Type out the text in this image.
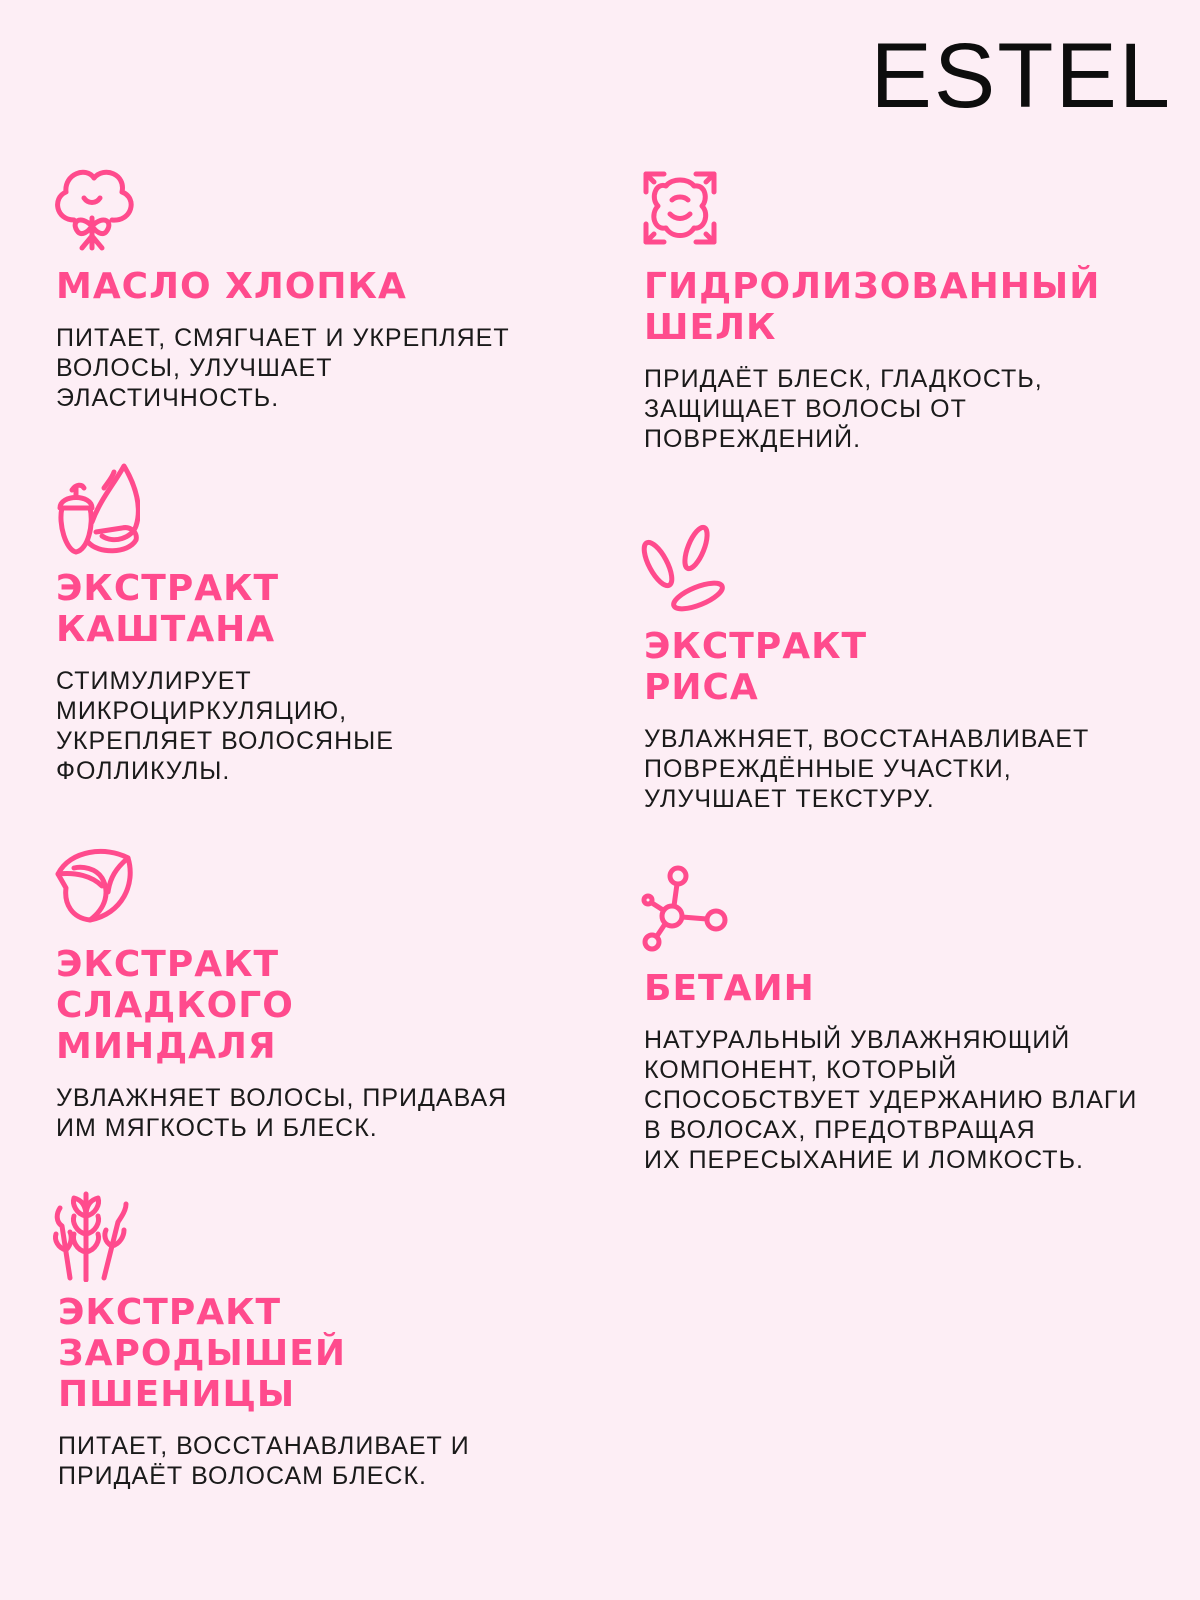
ESTEL
МАСЛО ХЛОПКА
ПИТАЕТ, СМЯГЧАЕТ И УКРЕПЛЯЕТ
ВОЛОСЫ, УЛУЧШАЕТ
ЭЛАСТИЧНОСТЬ.
ГИДРОЛИЗОВАННЫЙ
ШЕЛК
ПРИДАЁТ БЛЕСК, ГЛАДКОСТЬ,
ЗАЩИЩАЕТ ВОЛОСЫ ОТ
ПОВРЕЖДЕНИЙ.
ЭКСТРАКТ
КАШТАНА
СТИМУЛИРУЕТ
МИКРОЦИРКУЛЯЦИЮ,
УКРЕПЛЯЕТ ВОЛОСЯНЫЕ
ФОЛЛИКУЛЫ.
ЭКСТРАКТ
РИСА
УВЛАЖНЯЕТ, ВОССТАНАВЛИВАЕТ
ПОВРЕЖДЁННЫЕ УЧАСТКИ,
УЛУЧШАЕТ ТЕКСТУРУ.
ЭКСТРАКТ
СЛАДКОГО
МИНДАЛЯ
УВЛАЖНЯЕТ ВОЛОСЫ, ПРИДАВАЯ
ИМ МЯГКОСТЬ И БЛЕСК.
БЕТАИН
НАТУРАЛЬНЫЙ УВЛАЖНЯЮЩИЙ
КОМПОНЕНТ, КОТОРЫЙ
СПОСОБСТВУЕТ УДЕРЖАНИЮ ВЛАГИ
В ВОЛОСАХ, ПРЕДОТВРАЩАЯ
ИХ ПЕРЕСЫХАНИЕ И ЛОМКОСТЬ.
ЭКСТРАКТ
ЗАРОДЫШЕЙ
ПШЕНИЦЫ
ПИТАЕТ, ВОССТАНАВЛИВАЕТ И
ПРИДАЁТ ВОЛОСАМ БЛЕСК.
